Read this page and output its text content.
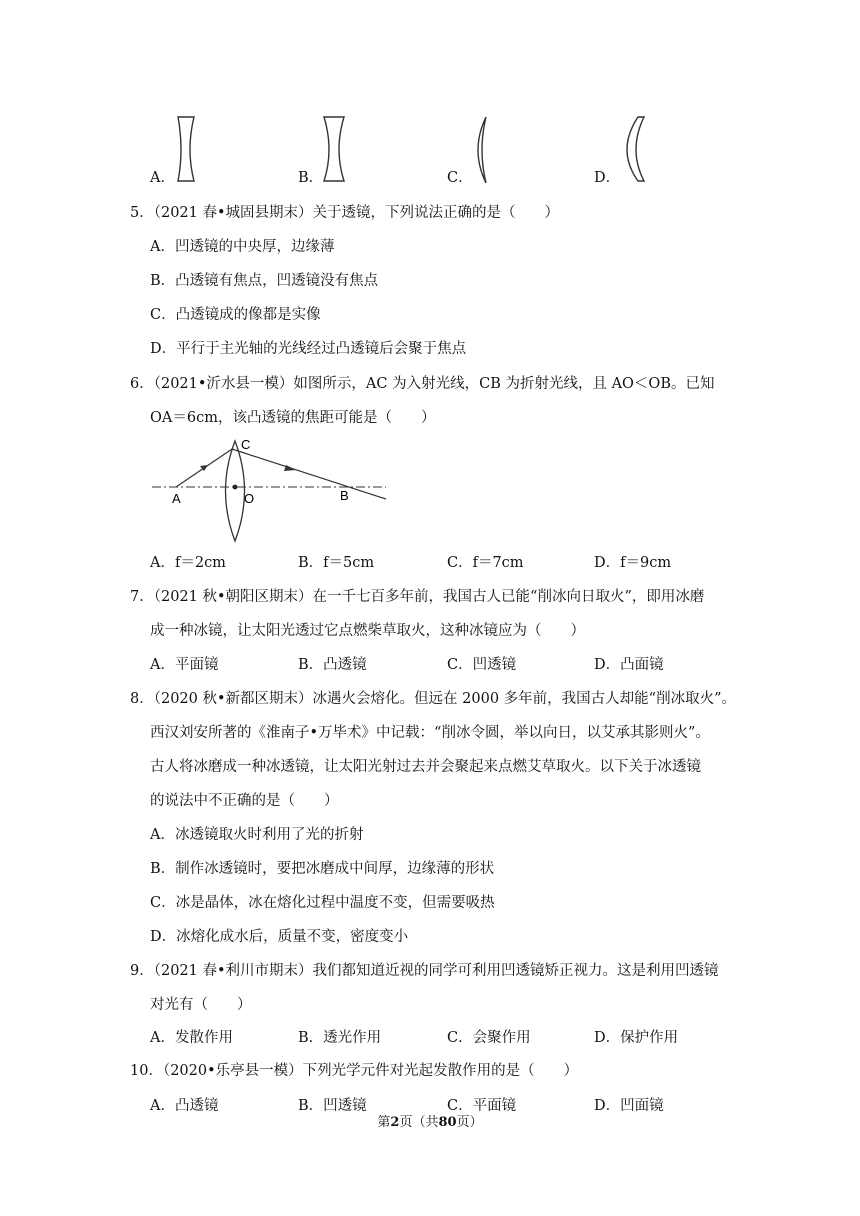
A．	B．	C．	D．
5．（2021 春•城固县期末）关于透镜，下列说法正确的是（　　）
A．凹透镜的中央厚，边缘薄
B．凸透镜有焦点，凹透镜没有焦点
C．凸透镜成的像都是实像
D．平行于主光轴的光线经过凸透镜后会聚于焦点
6．（2021•沂水县一模）如图所示，AC 为入射光线，CB 为折射光线，且 AO＜OB。已知
OA＝6cm，该凸透镜的焦距可能是（　　）
A
C
O	B
A．f＝2cm	B．f＝5cm	C．f＝7cm	D．f＝9cm
7．（2021 秋•朝阳区期末）在一千七百多年前，我国古人已能“削冰向日取火”，即用冰磨
成一种冰镜，让太阳光透过它点燃柴草取火，这种冰镜应为（　　）
A．平面镜	B．凸透镜	C．凹透镜	D．凸面镜
8．（2020 秋•新都区期末）冰遇火会熔化。但远在 2000 多年前，我国古人却能“削冰取火”。
西汉刘安所著的《淮南子•万毕术》中记载：“削冰令圆，举以向日，以艾承其影则火”。
古人将冰磨成一种冰透镜，让太阳光射过去并会聚起来点燃艾草取火。以下关于冰透镜
的说法中不正确的是（　　）
A．冰透镜取火时利用了光的折射
B．制作冰透镜时，要把冰磨成中间厚，边缘薄的形状
C．冰是晶体，冰在熔化过程中温度不变，但需要吸热
D．冰熔化成水后，质量不变，密度变小
9．（2021 春•利川市期末）我们都知道近视的同学可利用凹透镜矫正视力。这是利用凹透镜
对光有（　　）
A．发散作用	B．透光作用	C．会聚作用	D．保护作用
10．（2020•乐亭县一模）下列光学元件对光起发散作用的是（　　）
A．凸透镜	B．凹透镜	C．平面镜	D．凹面镜
第2页（共80页）
